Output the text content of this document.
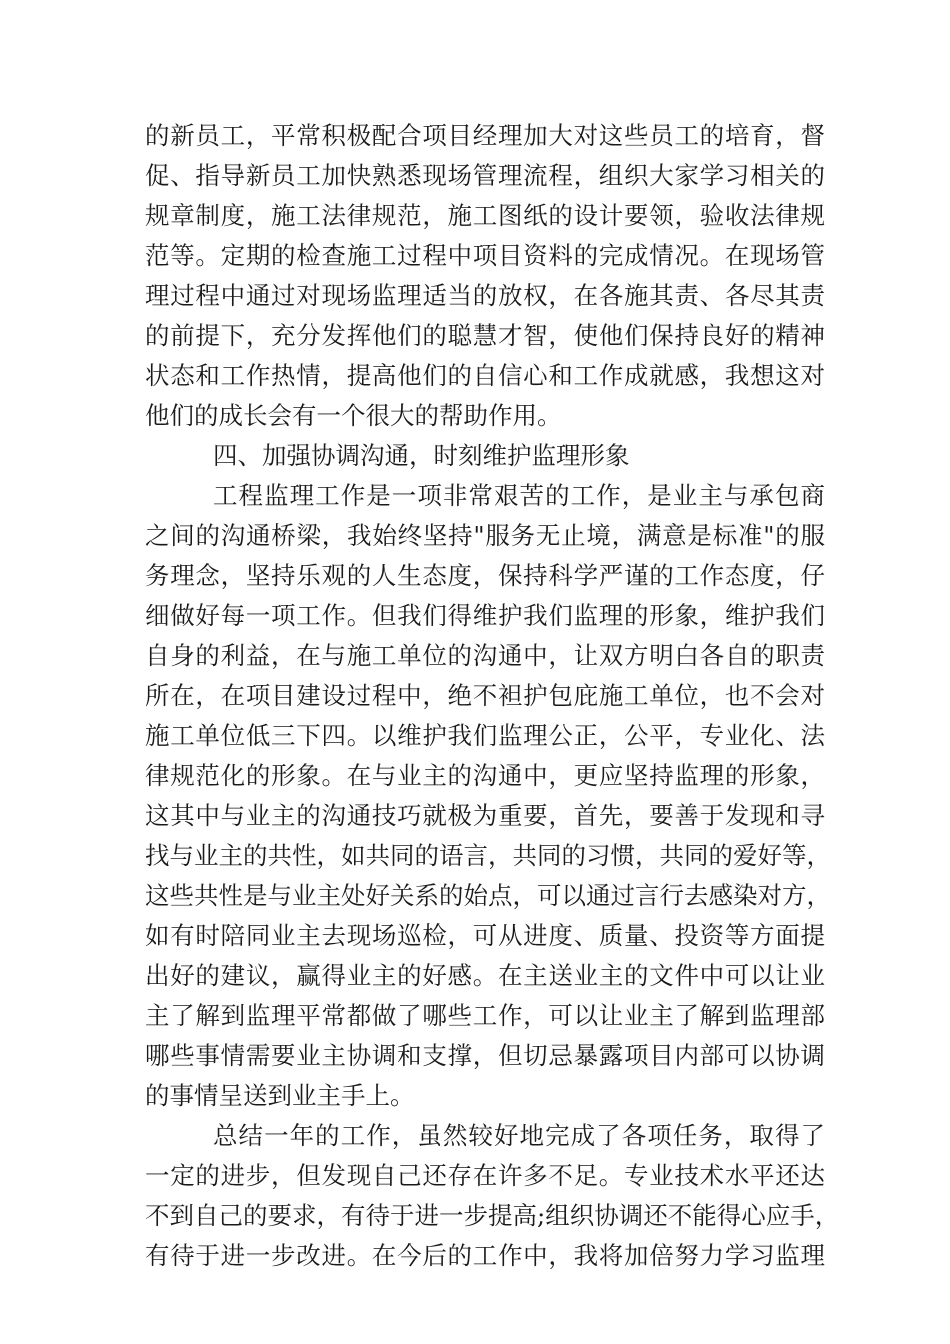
的新员工，平常积极配合项目经理加大对这些员工的培育，督
促、指导新员工加快熟悉现场管理流程，组织大家学习相关的
规章制度，施工法律规范，施工图纸的设计要领，验收法律规
范等。定期的检查施工过程中项目资料的完成情况。在现场管
理过程中通过对现场监理适当的放权，在各施其责、各尽其责
的前提下，充分发挥他们的聪慧才智，使他们保持良好的精神
状态和工作热情，提高他们的自信心和工作成就感，我想这对
他们的成长会有一个很大的帮助作用。
四、加强协调沟通，时刻维护监理形象
工程监理工作是一项非常艰苦的工作，是业主与承包商
之间的沟通桥梁，我始终坚持"服务无止境，满意是标准"的服
务理念，坚持乐观的人生态度，保持科学严谨的工作态度，仔
细做好每一项工作。但我们得维护我们监理的形象，维护我们
自身的利益，在与施工单位的沟通中，让双方明白各自的职责
所在，在项目建设过程中，绝不袒护包庇施工单位，也不会对
施工单位低三下四。以维护我们监理公正，公平，专业化、法
律规范化的形象。在与业主的沟通中，更应坚持监理的形象，
这其中与业主的沟通技巧就极为重要，首先，要善于发现和寻
找与业主的共性，如共同的语言，共同的习惯，共同的爱好等，
这些共性是与业主处好关系的始点，可以通过言行去感染对方，
如有时陪同业主去现场巡检，可从进度、质量、投资等方面提
出好的建议，赢得业主的好感。在主送业主的文件中可以让业
主了解到监理平常都做了哪些工作，可以让业主了解到监理部
哪些事情需要业主协调和支撑，但切忌暴露项目内部可以协调
的事情呈送到业主手上。
总结一年的工作，虽然较好地完成了各项任务，取得了
一定的进步，但发现自己还存在许多不足。专业技术水平还达
不到自己的要求，有待于进一步提高;组织协调还不能得心应手，
有待于进一步改进。在今后的工作中，我将加倍努力学习监理
